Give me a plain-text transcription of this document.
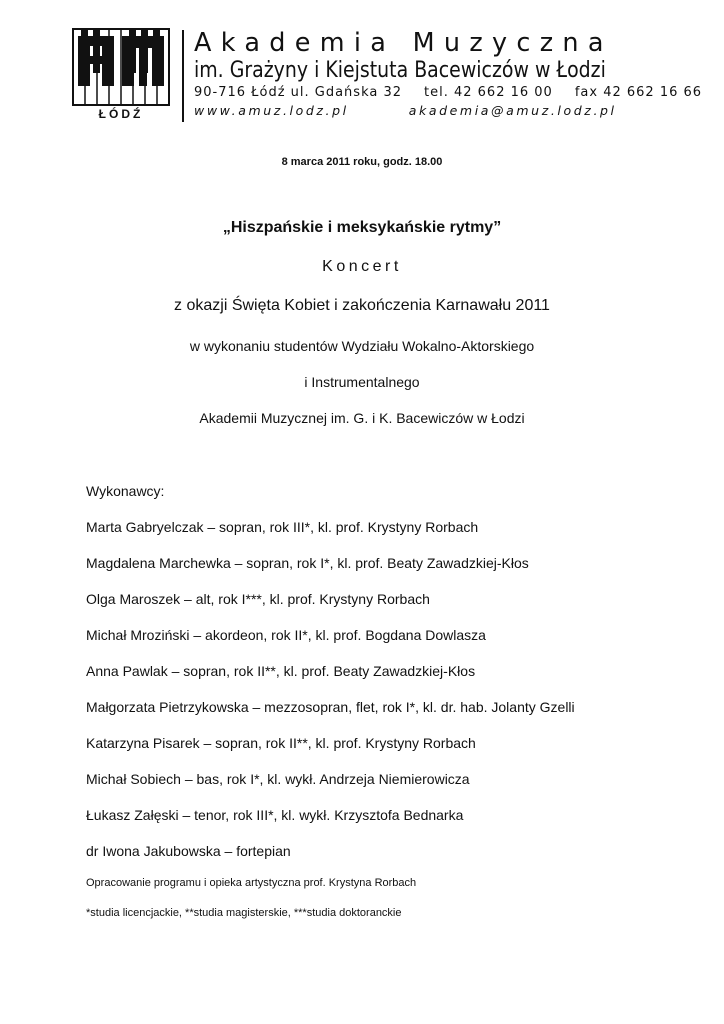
ŁÓDŹ
Akademia Muzyczna
im. Grażyny i Kiejstuta Bacewiczów w Łodzi
90-716 Łódź ul. Gdańska 32 tel. 42 662 16 00 fax 42 662 16 66
www.amuz.lodz.pl	akademia@amuz.lodz.pl
8 marca 2011 roku, godz. 18.00
„Hiszpańskie i meksykańskie rytmy”
Koncert
z okazji Święta Kobiet i zakończenia Karnawału 2011
w wykonaniu studentów Wydziału Wokalno-Aktorskiego
i Instrumentalnego
Akademii Muzycznej im. G. i K. Bacewiczów w Łodzi
Wykonawcy:
Marta Gabryelczak – sopran, rok III*, kl. prof. Krystyny Rorbach
Magdalena Marchewka – sopran, rok I*, kl. prof. Beaty Zawadzkiej-Kłos
Olga Maroszek – alt, rok I***, kl. prof. Krystyny Rorbach
Michał Mroziński – akordeon, rok II*, kl. prof. Bogdana Dowlasza
Anna Pawlak – sopran, rok II**, kl. prof. Beaty Zawadzkiej-Kłos
Małgorzata Pietrzykowska – mezzosopran, flet, rok I*, kl. dr. hab. Jolanty Gzelli
Katarzyna Pisarek – sopran, rok II**, kl. prof. Krystyny Rorbach
Michał Sobiech – bas, rok I*, kl. wykł. Andrzeja Niemierowicza
Łukasz Załęski – tenor, rok III*, kl. wykł. Krzysztofa Bednarka
dr Iwona Jakubowska – fortepian
Opracowanie programu i opieka artystyczna prof. Krystyna Rorbach
*studia licencjackie, **studia magisterskie, ***studia doktoranckie
